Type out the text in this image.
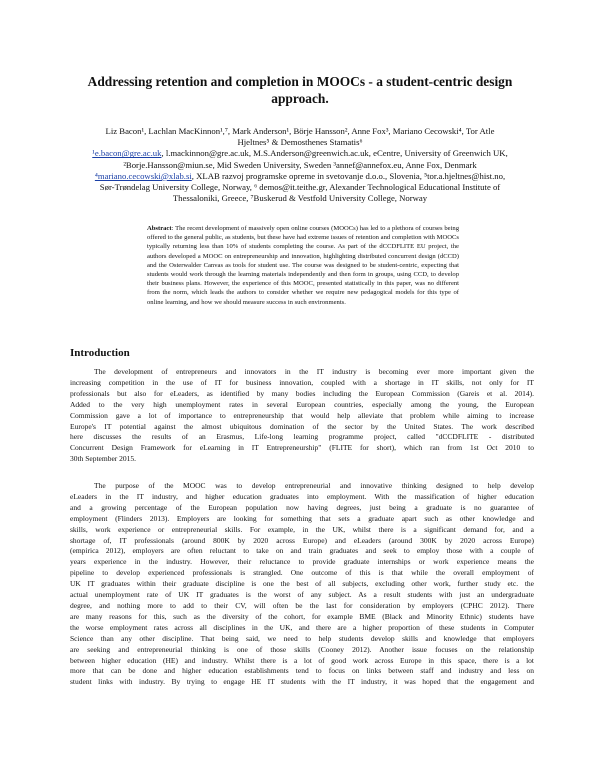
Addressing retention and completion in MOOCs - a student-centric design
approach.
Liz Bacon¹, Lachlan MacKinnon¹,⁷, Mark Anderson¹, Börje Hansson², Anne Fox³, Mariano Cecowski⁴, Tor Atle
Hjeltnes⁵ & Demosthenes Stamatis⁶
¹e.bacon@gre.ac.uk, l.mackinnon@gre.ac.uk, M.S.Anderson@greenwich.ac.uk, eCentre, University of Greenwich UK,
²Borje.Hansson@miun.se, Mid Sweden University, Sweden ³annef@annefox.eu, Anne Fox, Denmark
⁴mariano.cecowski@xlab.si, XLAB razvoj programske opreme in svetovanje d.o.o., Slovenia, ⁵tor.a.hjeltnes@hist.no,
Sør-Trøndelag University College, Norway, ⁶ demos@it.teithe.gr, Alexander Technological Educational Institute of
Thessaloniki, Greece, ⁷Buskerud & Vestfold University College, Norway
Abstract: The recent development of massively open online courses (MOOCs) has led to a plethora of courses being offered to the general public, as students, but these have had extreme issues of retention and completion with MOOCs typically returning less than 10% of students completing the course. As part of the dCCDFLITE EU project, the authors developed a MOOC on entrepreneurship and innovation, highlighting distributed concurrent design (dCCD) and the Osterwalder Canvas as tools for student use. The course was designed to be student-centric, expecting that students would work through the learning materials independently and then form in groups, using CCD, to develop their business plans. However, the experience of this MOOC, presented statistically in this paper, was no different from the norm, which leads the authors to consider whether we require new pedagogical models for this type of online learning, and how we should measure success in such environments.
Introduction
The development of entrepreneurs and innovators in the IT industry is becoming ever more important given the
increasing competition in the use of IT for business innovation, coupled with a shortage in IT skills, not only for IT
professionals but also for eLeaders, as identified by many bodies including the European Commission (Gareis et al. 2014).
Added to the very high unemployment rates in several European countries, especially among the young, the European
Commission gave a lot of importance to entrepreneurship that would help alleviate that problem while aiming to increase
Europe's IT potential against the almost ubiquitous domination of the sector by the United States. The work described
here discusses the results of an Erasmus, Life-long learning programme project, called "dCCDFLITE - distributed
Concurrent Design Framework for eLearning in IT Entrepreneurship" (FLITE for short), which ran from 1st Oct 2010 to
30th September 2015.
The purpose of the MOOC was to develop entrepreneurial and innovative thinking designed to help develop
eLeaders in the IT industry, and higher education graduates into employment. With the massification of higher education
and a growing percentage of the European population now having degrees, just being a graduate is no guarantee of
employment (Flinders 2013). Employers are looking for something that sets a graduate apart such as other knowledge and
skills, work experience or entrepreneurial skills. For example, in the UK, whilst there is a significant demand for, and a
shortage of, IT professionals (around 800K by 2020 across Europe) and eLeaders (around 300K by 2020 across Europe)
(empirica 2012), employers are often reluctant to take on and train graduates and seek to employ those with a couple of
years experience in the industry. However, their reluctance to provide graduate internships or work experience means the
pipeline to develop experienced professionals is strangled. One outcome of this is that while the overall employment of
UK IT graduates within their graduate discipline is one the best of all subjects, excluding other work, further study etc. the
actual unemployment rate of UK IT graduates is the worst of any subject. As a result students with just an undergraduate
degree, and nothing more to add to their CV, will often be the last for consideration by employers (CPHC 2012). There
are many reasons for this, such as the diversity of the cohort, for example BME (Black and Minority Ethnic) students have
the worse employment rates across all disciplines in the UK, and there are a higher proportion of these students in Computer
Science than any other discipline. That being said, we need to help students develop skills and knowledge that employers
are seeking and entrepreneurial thinking is one of those skills (Cooney 2012). Another issue focuses on the relationship
between higher education (HE) and industry. Whilst there is a lot of good work across Europe in this space, there is a lot
more that can be done and higher education establishments tend to focus on links between staff and industry and less on
student links with industry. By trying to engage HE IT students with the IT industry, it was hoped that the engagement and
